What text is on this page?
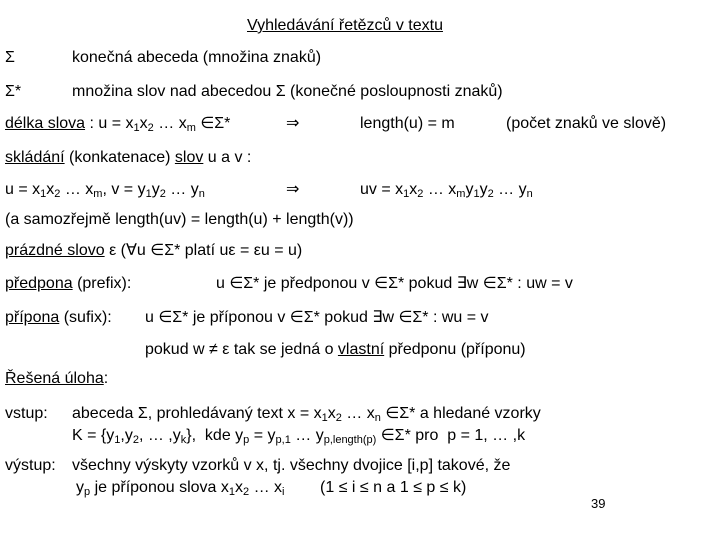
Vyhledávání řetězců v textu
Σ	konečná abeceda (množina znaků)
Σ*	množina slov nad abecedou Σ (konečné posloupnosti znaků)
délka slova : $u = x_1x_2$ … $x_m$ ∈Σ*	⇒	length(u) = m	(počet znaků ve slově)
skládání (konkatenace) slov u a v :
$u = x_1x_2$ … $x_m$, $v = y_1y_2$ … $y_n$	⇒	uv = $x_1x_2$ … $x_my_1y_2$ … $y_n$
(a samozřejmě length(uv) = length(u) + length(v))
prázdné slovo ε (∀u ∈Σ* platí uε = εu = u)
předpona (prefix):	u ∈Σ* je předponou v ∈Σ* pokud ∃w ∈Σ* : uw = v
přípona (sufix): u ∈Σ* je příponou v ∈Σ* pokud ∃w ∈Σ* : wu = v
pokud w ≠ ε tak se jedná o vlastní předponu (příponu)
Řešená úloha:
vstup: abeceda Σ, prohledávaný text $x = x_1x_2$ … $x_n$ ∈Σ* a hledané vzorky
$K = \{y_1,y_2$, … $,y_k$},  kde $y_p = y_{p,1}$ … $y_{p,length(p)}$ ∈Σ* pro  p = 1, … ,k
výstup: všechny výskyty vzorků v x, tj. všechny dvojice [i,p] takové, že
$y_p$ je příponou slova $x_1x_2$ … $x_i$        (1 ≤ i ≤ n a 1 ≤ p ≤ k)
39
